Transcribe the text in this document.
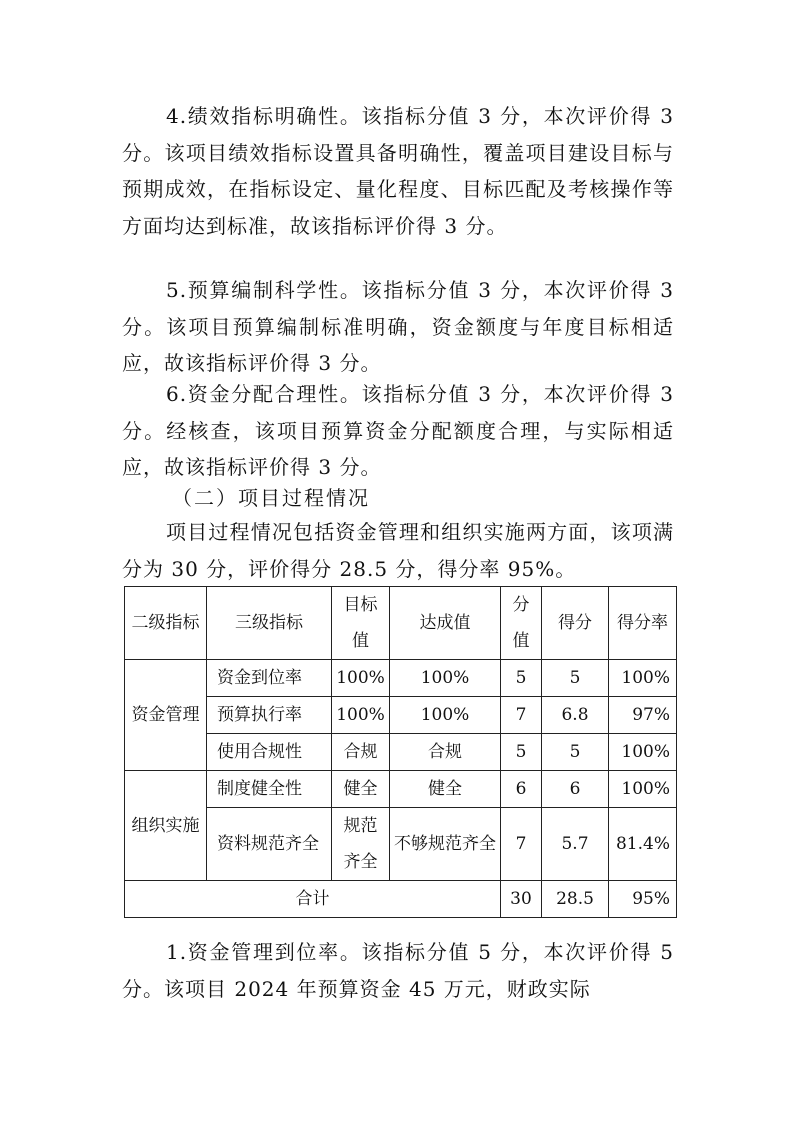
4.绩效指标明确性。该指标分值 3 分，本次评价得 3 分。该项目绩效指标设置具备明确性，覆盖项目建设目标与预期成效，在指标设定、量化程度、目标匹配及考核操作等方面均达到标准，故该指标评价得 3 分。
5.预算编制科学性。该指标分值 3 分，本次评价得 3 分。该项目预算编制标准明确，资金额度与年度目标相适应，故该指标评价得 3 分。
6.资金分配合理性。该指标分值 3 分，本次评价得 3 分。经核查，该项目预算资金分配额度合理，与实际相适应，故该指标评价得 3 分。
（二）项目过程情况
项目过程情况包括资金管理和组织实施两方面，该项满分为 30 分，评价得分 28.5 分，得分率 95%。
二级指标	三级指标	目标值	达成值	分值	得分	得分率
资金管理	资金到位率	100%	100%	5	5	100%
	预算执行率	100%	100%	7	6.8	97%
	使用合规性	合规	合规	5	5	100%
组织实施	制度健全性	健全	健全	6	6	100%
	资料规范齐全	规范齐全	不够规范齐全	7	5.7	81.4%
合计				30	28.5	95%
1.资金管理到位率。该指标分值 5 分，本次评价得 5 分。该项目 2024 年预算资金 45 万元，财政实际
